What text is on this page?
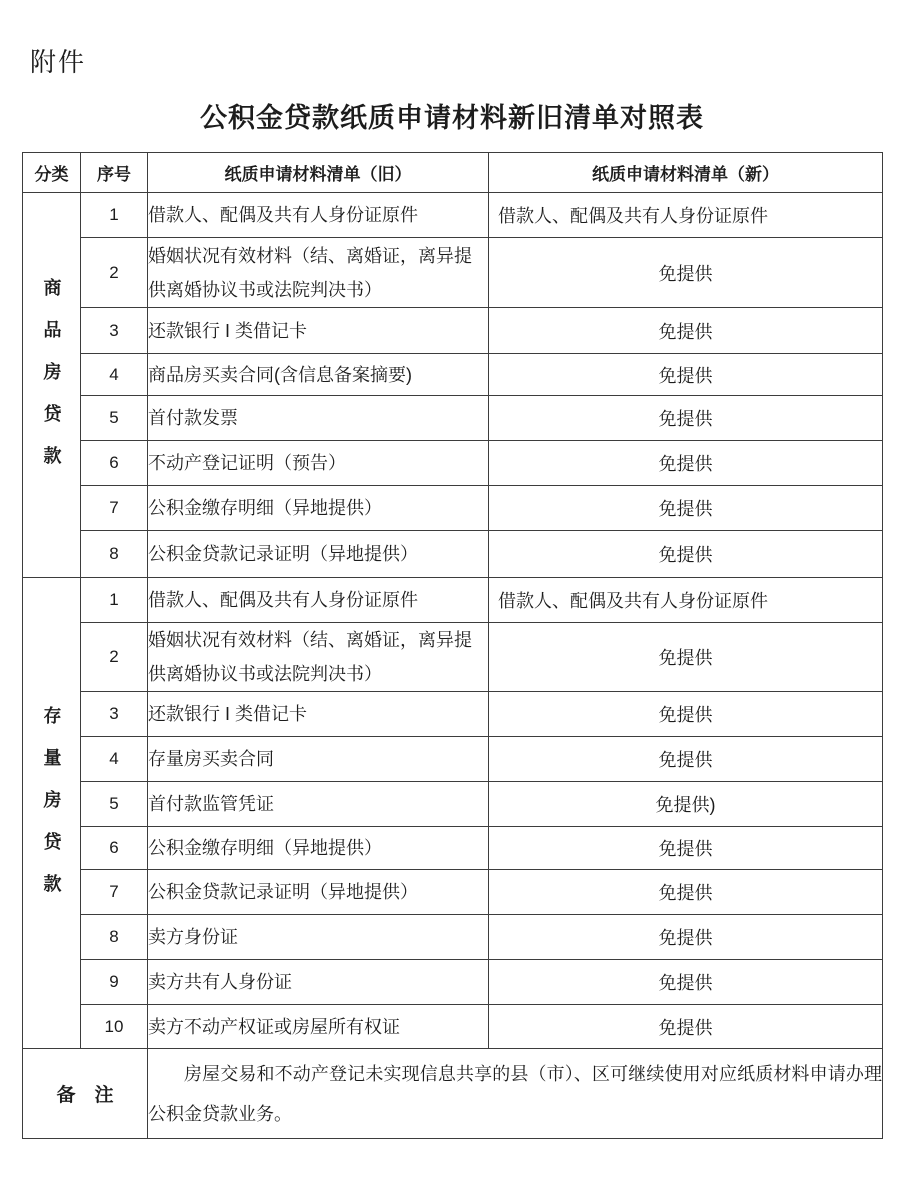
附件
公积金贷款纸质申请材料新旧清单对照表
分类	序号	纸质申请材料清单（旧）	纸质申请材料清单（新）
商品房贷款	1	借款人、配偶及共有人身份证原件	借款人、配偶及共有人身份证原件
	2	婚姻状况有效材料（结、离婚证，离异提供离婚协议书或法院判决书）	免提供
	3	还款银行 I 类借记卡	免提供
	4	商品房买卖合同(含信息备案摘要)	免提供
	5	首付款发票	免提供
	6	不动产登记证明（预告）	免提供
	7	公积金缴存明细（异地提供）	免提供
	8	公积金贷款记录证明（异地提供）	免提供
存量房贷款	1	借款人、配偶及共有人身份证原件	借款人、配偶及共有人身份证原件
	2	婚姻状况有效材料（结、离婚证，离异提供离婚协议书或法院判决书）	免提供
	3	还款银行 I 类借记卡	免提供
	4	存量房买卖合同	免提供
	5	首付款监管凭证	免提供)
	6	公积金缴存明细（异地提供）	免提供
	7	公积金贷款记录证明（异地提供）	免提供
	8	卖方身份证	免提供
	9	卖方共有人身份证	免提供
	10	卖方不动产权证或房屋所有权证	免提供
备　注		房屋交易和不动产登记未实现信息共享的县（市）、区可继续使用对应纸质材料申请办理公积金贷款业务。	
